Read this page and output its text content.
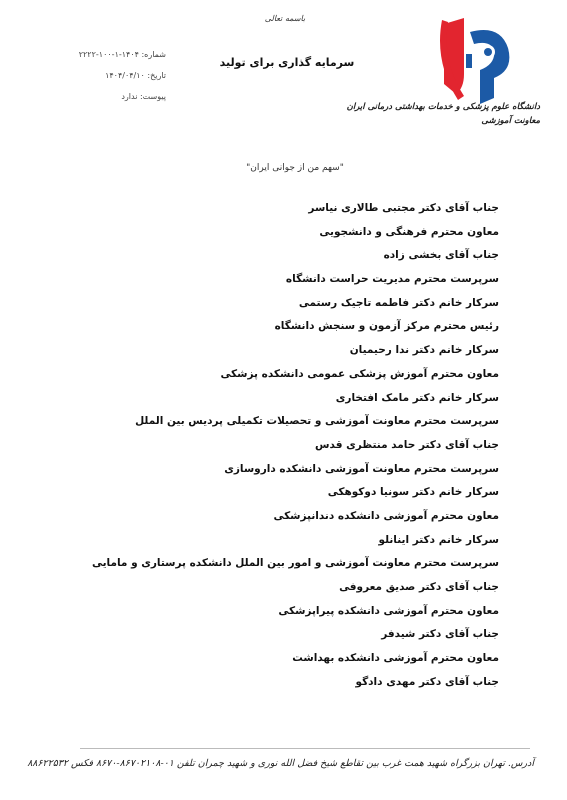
باسمه تعالی
شماره: ۱۴۰۴-۱-۱۰۰-۲۲۲۲
تاریخ: ۱۴۰۴/۰۴/۱۰
پیوست: ندارد
سرمایه گذاری برای تولید
دانشگاه علوم پزشکی و خدمات بهداشتی درمانی ایران
معاونت آموزشی
"سهم من از جوانی ایران"
جناب آقای دکتر مجتبی طالاری نیاسر
معاون محترم فرهنگی و دانشجویی
جناب آقای بخشی زاده
سرپرست محترم مدیریت حراست دانشگاه
سرکار خانم دکتر فاطمه تاجیک رستمی
رئیس محترم مرکز آزمون و سنجش دانشگاه
سرکار خانم دکتر ندا رحیمیان
معاون محترم آموزش پزشکی عمومی دانشکده پزشکی
سرکار خانم دکتر مامک افتخاری
سرپرست محترم معاونت آموزشی و تحصیلات تکمیلی پردیس بین الملل
جناب آقای دکتر حامد منتظری قدس
سرپرست محترم معاونت آموزشی دانشکده داروسازی
سرکار خانم دکتر سونیا دوکوهکی
معاون محترم آموزشی دانشکده دندانپزشکی
سرکار خانم دکتر اینانلو
سرپرست محترم معاونت آموزشی و امور بین الملل دانشکده پرستاری و مامایی
جناب آقای دکتر صدیق معروفی
معاون محترم آموزشی دانشکده پیراپزشکی
جناب آقای دکتر شیدفر
معاون محترم آموزشی دانشکده بهداشت
جناب آقای دکتر مهدی دادگو
آدرس. تهران بزرگراه شهید همت غرب بین تقاطع شیخ فضل الله نوری و شهید چمران تلفن ۰۱-۸۶۷۰۲۱۰۸-۸۶۷۰ فکس ۸۸۶۲۲۵۳۲
